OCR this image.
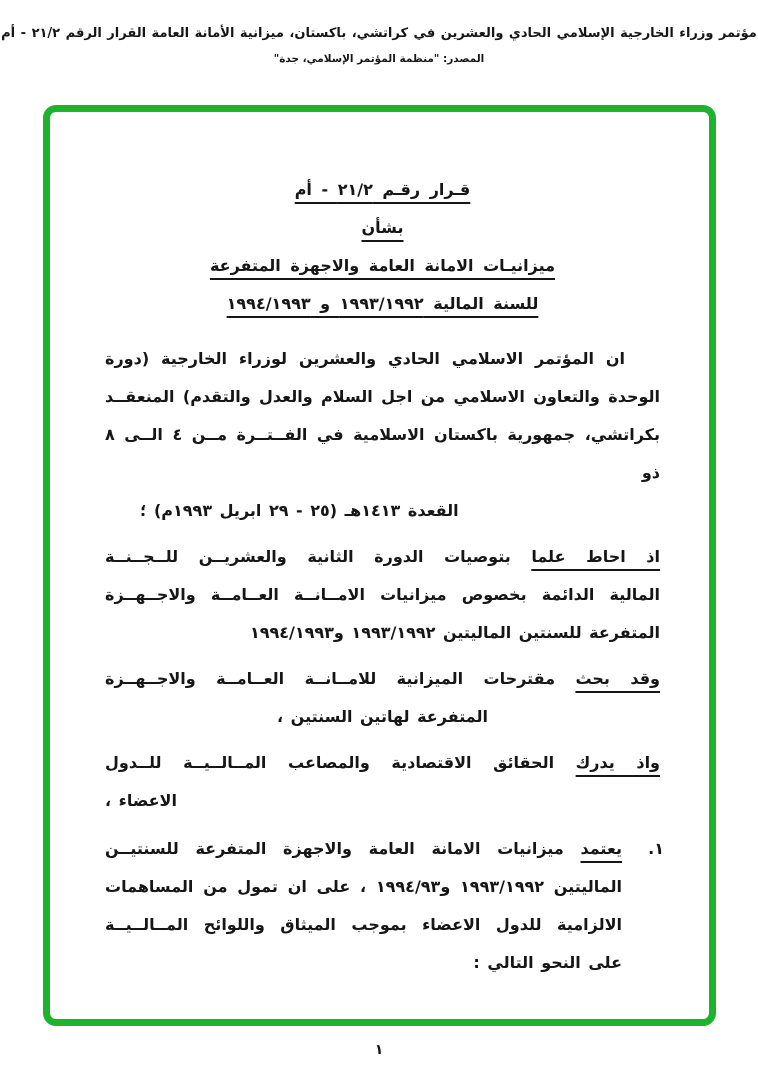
مؤتمر وزراء الخارجية الإسلامي الحادي والعشرين في كراتشي، باكستان، ميزانية الأمانة العامة القرار الرقم ٢١/٢ - أم
المصدر: "منظمة المؤتمر الإسلامي، جدة"
قـرار رقـم ٢١/٢ - أم
بشأن
ميزانيـات الامانة العامة والاجهزة المتفرعة
للسنة المالية ١٩٩٣/١٩٩٢ و ١٩٩٤/١٩٩٣
ان المؤتمر الاسلامي الحادي والعشرين لوزراء الخارجية (دورة
الوحدة والتعاون الاسلامي من اجل السلام والعدل والتقدم) المنعقــد
بكراتشي، جمهورية باكستان الاسلامية في الفــتــرة مــن ٤ الــى ٨ ذو
القعدة ١٤١٣هـ (٢٥ - ٢٩ ابريل ١٩٩٣م) ؛
اذ احاط علما بتوصيات الدورة الثانية والعشريــن للــجــنــة
المالية الدائمة بخصوص ميزانيات الامــانــة العــامــة والاجــهــزة
المتفرعة للسنتين الماليتين ١٩٩٣/١٩٩٢ و١٩٩٤/١٩٩٣
وقد بحث مقترحات الميزانية للامــانــة العــامــة والاجــهــزة
المتفرعة لهاتين السنتين ،
واذ يدرك الحقائق الاقتصادية والمصاعب المــالــيــة للــدول
الاعضاء ،
١.
يعتمد ميزانيات الامانة العامة والاجهزة المتفرعة للسنتيــن
الماليتين ١٩٩٣/١٩٩٢ و١٩٩٤/٩٣ ، على ان تمول من المساهمات
الالزامية للدول الاعضاء بموجب الميثاق واللوائح المــالــيــة
على النحو التالي :
١
